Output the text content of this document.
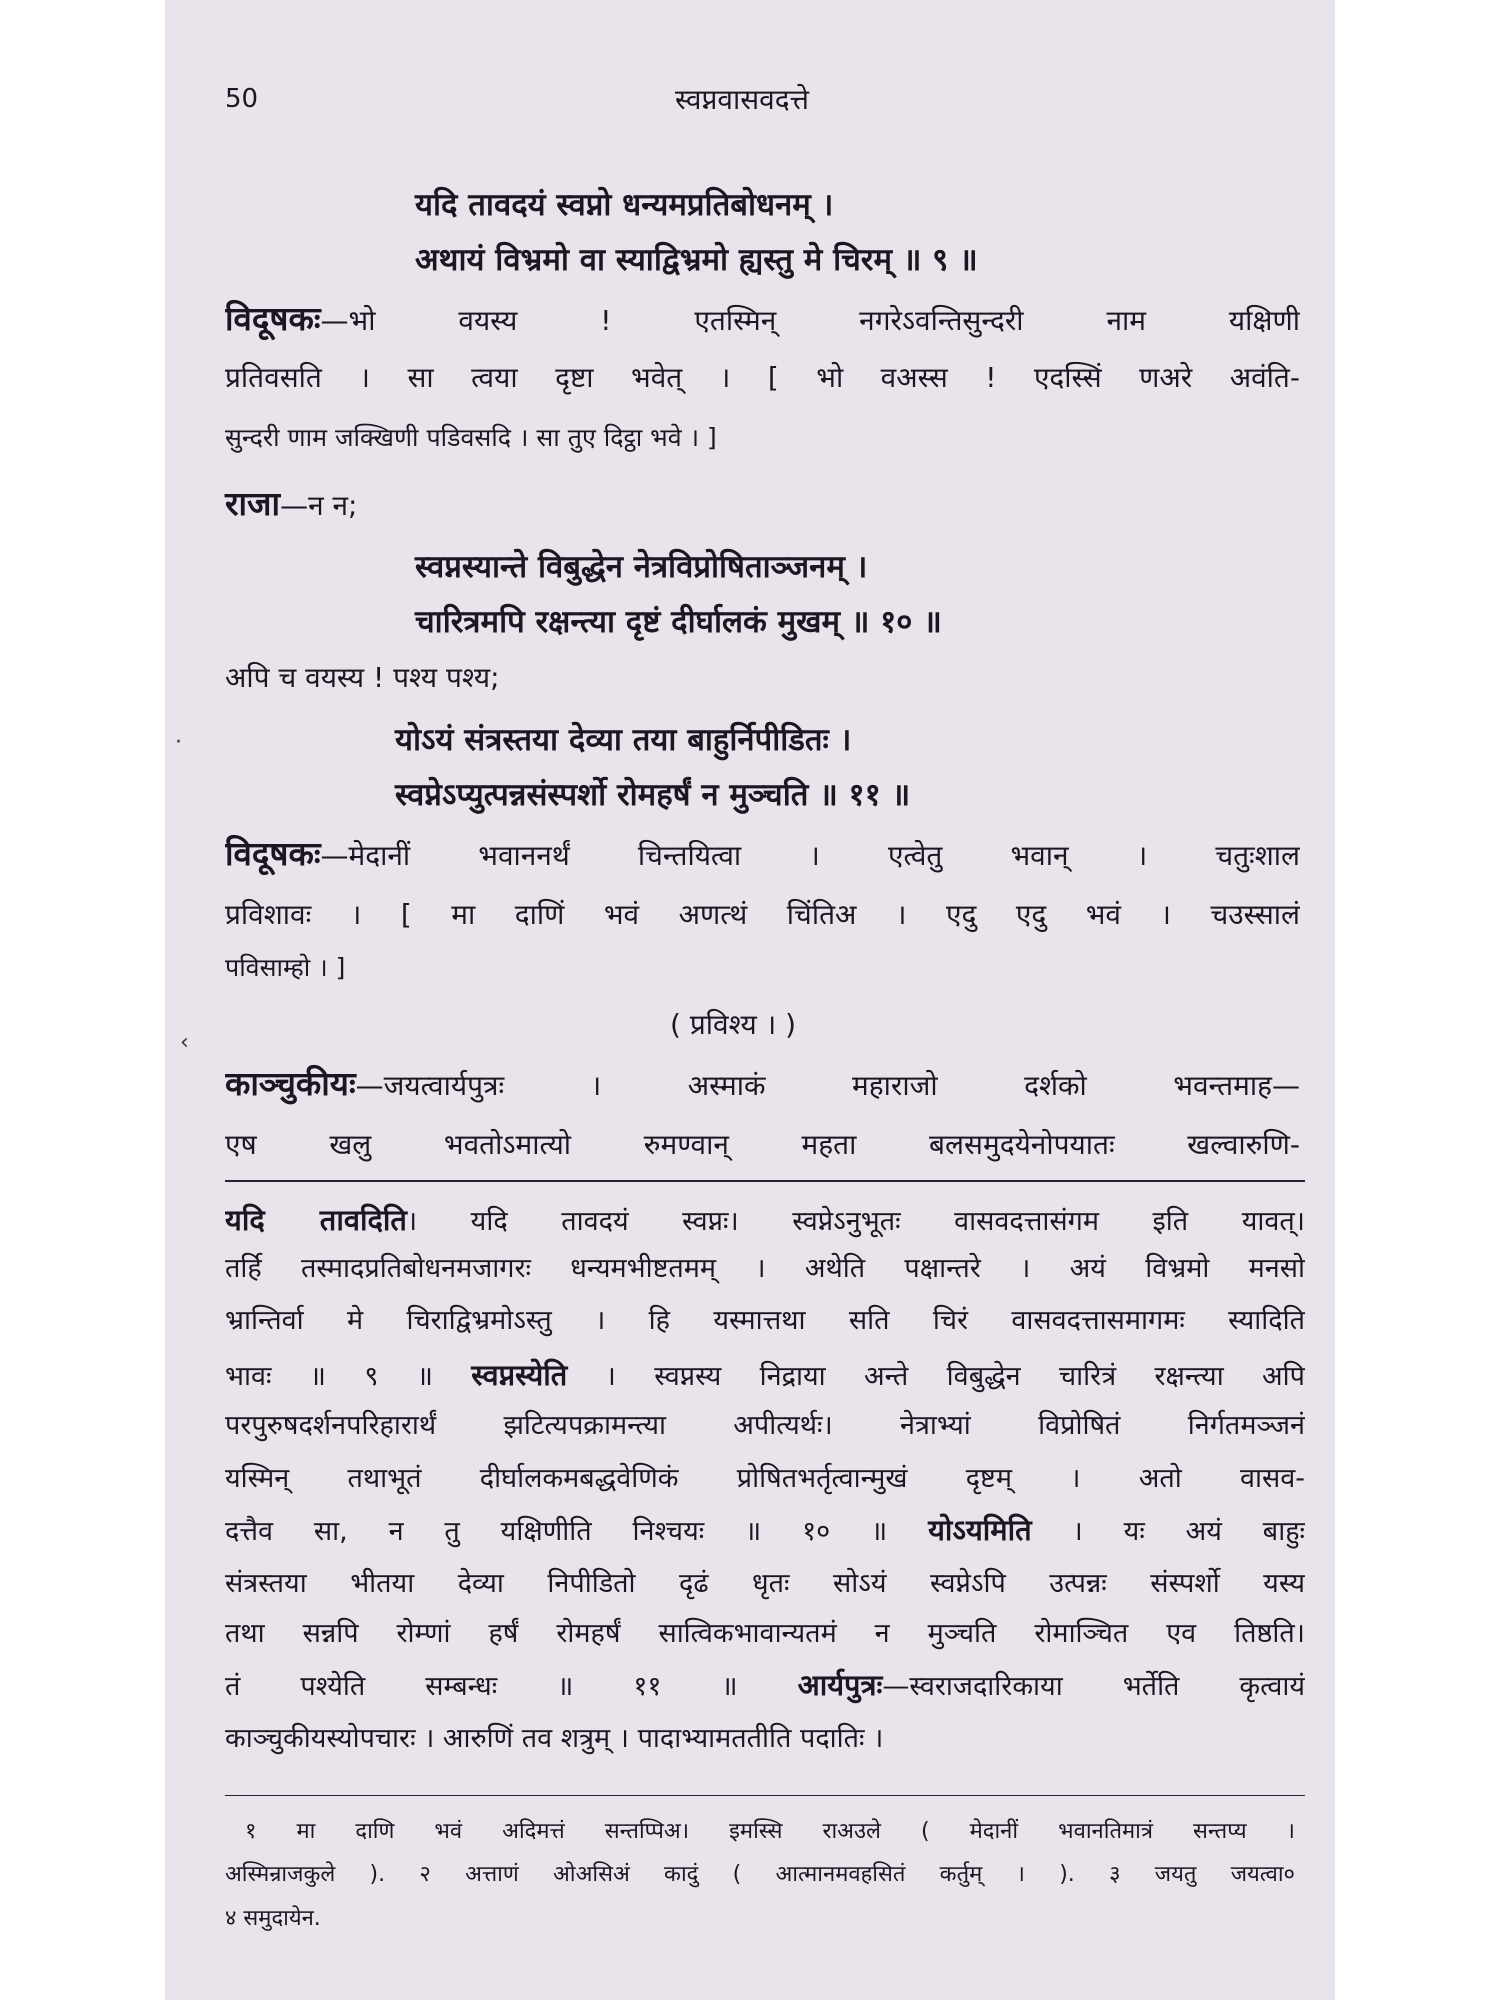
50	स्वप्नवासवदत्ते
यदि तावदयं स्वप्नो धन्यमप्रतिबोधनम् ।
अथायं विभ्रमो वा स्याद्विभ्रमो ह्यस्तु मे चिरम् ॥ ९ ॥
विदूषकः—भो वयस्य ! एतस्मिन् नगरेऽवन्तिसुन्दरी नाम यक्षिणी
प्रतिवसति । सा त्वया दृष्टा भवेत् । [ भो वअस्स ! एदस्सिं णअरे अवंति-
सुन्दरी णाम जक्खिणी पडिवसदि । सा तुए दिट्ठा भवे । ]
राजा—न न;
स्वप्नस्यान्ते विबुद्धेन नेत्रविप्रोषिताञ्जनम् ।
चारित्रमपि रक्षन्त्या दृष्टं दीर्घालकं मुखम् ॥ १० ॥
अपि च वयस्य ! पश्य पश्य;
·	योऽयं संत्रस्तया देव्या तया बाहुर्निपीडितः ।
स्वप्नेऽप्युत्पन्नसंस्पर्शो रोमहर्षं न मुञ्चति ॥ ११ ॥
विदूषकः—मेदानीं भवाननर्थं चिन्तयित्वा । एत्वेतु भवान् । चतुःशाल
प्रविशावः । [ मा दाणिं भवं अणत्थं चिंतिअ । एदु एदु भवं । चउस्सालं
पविसाम्हो । ]
‹
( प्रविश्य । )
काञ्चुकीयः—जयत्वार्यपुत्रः । अस्माकं महाराजो दर्शको भवन्तमाह—
एष खलु भवतोऽमात्यो रुमण्वान् महता बलसमुदयेनोपयातः खल्वारुणि-
यदि तावदिति। यदि तावदयं स्वप्नः। स्वप्नेऽनुभूतः वासवदत्तासंगम इति यावत्।
तर्हि तस्मादप्रतिबोधनमजागरः धन्यमभीष्टतमम् । अथेति पक्षान्तरे । अयं विभ्रमो मनसो
भ्रान्तिर्वा मे चिराद्विभ्रमोऽस्तु । हि यस्मात्तथा सति चिरं वासवदत्तासमागमः स्यादिति
भावः ॥ ९ ॥ स्वप्नस्येति । स्वप्नस्य निद्राया अन्ते विबुद्धेन चारित्रं रक्षन्त्या अपि
परपुरुषदर्शनपरिहारार्थं झटित्यपक्रामन्त्या अपीत्यर्थः। नेत्राभ्यां विप्रोषितं निर्गतमञ्जनं
यस्मिन् तथाभूतं दीर्घालकमबद्धवेणिकं प्रोषितभर्तृत्वान्मुखं दृष्टम् । अतो वासव-
दत्तैव सा, न तु यक्षिणीति निश्चयः ॥ १० ॥ योऽयमिति । यः अयं बाहुः
संत्रस्तया भीतया देव्या निपीडितो दृढं धृतः सोऽयं स्वप्नेऽपि उत्पन्नः संस्पर्शो यस्य
तथा सन्नपि रोम्णां हर्षं रोमहर्षं सात्विकभावान्यतमं न मुञ्चति रोमाञ्चित एव तिष्ठति।
तं पश्येति सम्बन्धः ॥ ११ ॥ आर्यपुत्रः—स्वराजदारिकाया भर्तेति कृत्वायं
काञ्चुकीयस्योपचारः । आरुणिं तव शत्रुम् । पादाभ्यामततीति पदातिः ।
१ मा दाणि भवं अदिमत्तं सन्तप्पिअ। इमस्सि राअउले ( मेदानीं भवानतिमात्रं सन्तप्य ।
अस्मिन्राजकुले ). २ अत्ताणं ओअसिअं कादुं ( आत्मानमवहसितं कर्तुम् । ). ३ जयतु जयत्वा०
४ समुदायेन.
